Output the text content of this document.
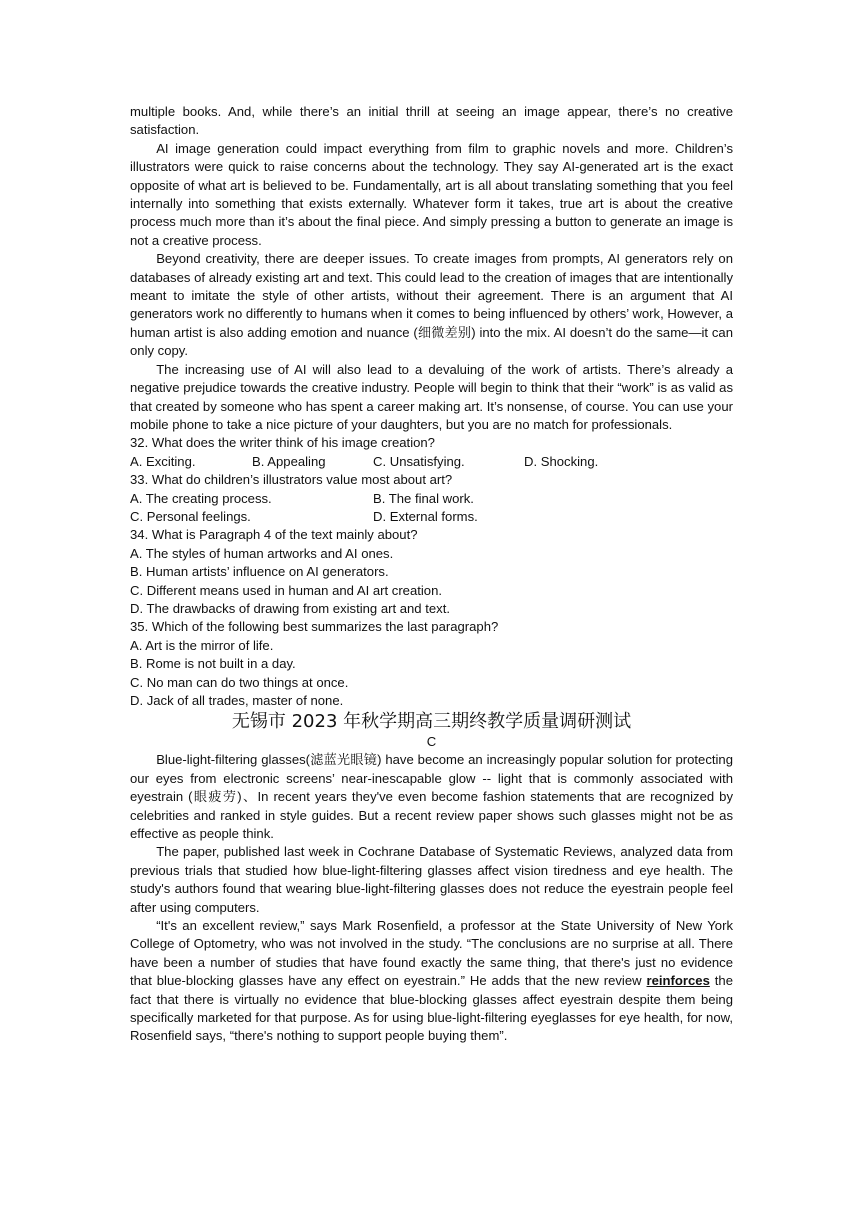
multiple books. And, while there’s an initial thrill at seeing an image appear, there’s no creative satisfaction.

AI image generation could impact everything from film to graphic novels and more. Children’s illustrators were quick to raise concerns about the technology. They say AI-generated art is the exact opposite of what art is believed to be. Fundamentally, art is all about translating something that you feel internally into something that exists externally. Whatever form it takes, true art is about the creative process much more than it’s about the final piece. And simply pressing a button to generate an image is not a creative process.

Beyond creativity, there are deeper issues. To create images from prompts, AI generators rely on databases of already existing art and text. This could lead to the creation of images that are intentionally meant to imitate the style of other artists, without their agreement. There is an argument that AI generators work no differently to humans when it comes to being influenced by others’ work, However, a human artist is also adding emotion and nuance (细微差别) into the mix. AI doesn’t do the same—it can only copy.

The increasing use of AI will also lead to a devaluing of the work of artists. There’s already a negative prejudice towards the creative industry. People will begin to think that their “work” is as valid as that created by someone who has spent a career making art. It’s nonsense, of course. You can use your mobile phone to take a nice picture of your daughters, but you are no match for professionals.

32. What does the writer think of his image creation?

A. Exciting.	B. Appealing	C. Unsatisfying.	D. Shocking.

33. What do children’s illustrators value most about art?

A. The creating process.	B. The final work.
C. Personal feelings.	D. External forms.

34. What is Paragraph 4 of the text mainly about?

A. The styles of human artworks and AI ones.

B. Human artists’ influence on AI generators.

C. Different means used in human and AI art creation.

D. The drawbacks of drawing from existing art and text.

35. Which of the following best summarizes the last paragraph?

A. Art is the mirror of life.

B. Rome is not built in a day.

C. No man can do two things at once.

D. Jack of all trades, master of none.

无锡市 2023 年秋学期高三期终教学质量调研测试

C

Blue-light-filtering glasses(滤蓝光眼镜) have become an increasingly popular solution for protecting our eyes from electronic screens’ near-inescapable glow -- light that is commonly associated with eyestrain (眼疲劳)、In recent years they've even become fashion statements that are recognized by celebrities and ranked in style guides. But a recent review paper shows such glasses might not be as effective as people think.

The paper, published last week in Cochrane Database of Systematic Reviews, analyzed data from previous trials that studied how blue-light-filtering glasses affect vision tiredness and eye health. The study's authors found that wearing blue-light-filtering glasses does not reduce the eyestrain people feel after using computers.

“It's an excellent review,” says Mark Rosenfield, a professor at the State University of New York College of Optometry, who was not involved in the study. “The conclusions are no surprise at all. There have been a number of studies that have found exactly the same thing, that there's just no evidence that blue-blocking glasses have any effect on eyestrain.” He adds that the new review reinforces the fact that there is virtually no evidence that blue-blocking glasses affect eyestrain despite them being specifically marketed for that purpose. As for using blue-light-filtering eyeglasses for eye health, for now, Rosenfield says, “there's nothing to support people buying them”.
